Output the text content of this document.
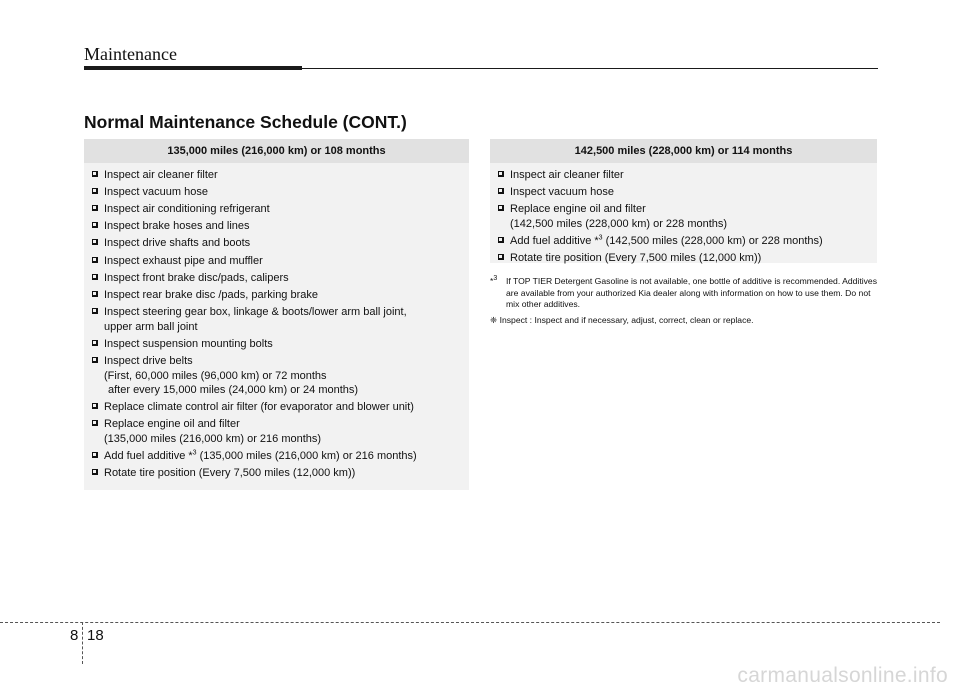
Maintenance
Normal Maintenance Schedule (CONT.)
135,000 miles (216,000 km) or 108 months
Inspect air cleaner filter
Inspect vacuum hose
Inspect air conditioning refrigerant
Inspect brake hoses and lines
Inspect drive shafts and boots
Inspect exhaust pipe and muffler
Inspect front brake disc/pads, calipers
Inspect rear brake disc /pads, parking brake
Inspect steering gear box, linkage & boots/lower arm ball joint,
upper arm ball joint
Inspect suspension mounting bolts
Inspect drive belts
(First, 60,000 miles (96,000 km) or 72 months
after every 15,000 miles (24,000 km) or 24 months)
Replace climate control air filter (for evaporator and blower unit)
Replace engine oil and filter
(135,000 miles (216,000 km) or 216 months)
Add fuel additive *$^3$ (135,000 miles (216,000 km) or 216 months)
Rotate tire position (Every 7,500 miles (12,000 km))
142,500 miles (228,000 km) or 114 months
Inspect air cleaner filter
Inspect vacuum hose
Replace engine oil and filter
(142,500 miles (228,000 km) or 228 months)
Add fuel additive *$^3$ (142,500 miles (228,000 km) or 228 months)
Rotate tire position (Every 7,500 miles (12,000 km))
*$^3$ If TOP TIER Detergent Gasoline is not available, one bottle of additive is recommended. Additives are available from your authorized Kia dealer along with information on how to use them. Do not mix other additives.
❈ Inspect : Inspect and if necessary, adjust, correct, clean or replace.
8 18
carmanualsonline.info
